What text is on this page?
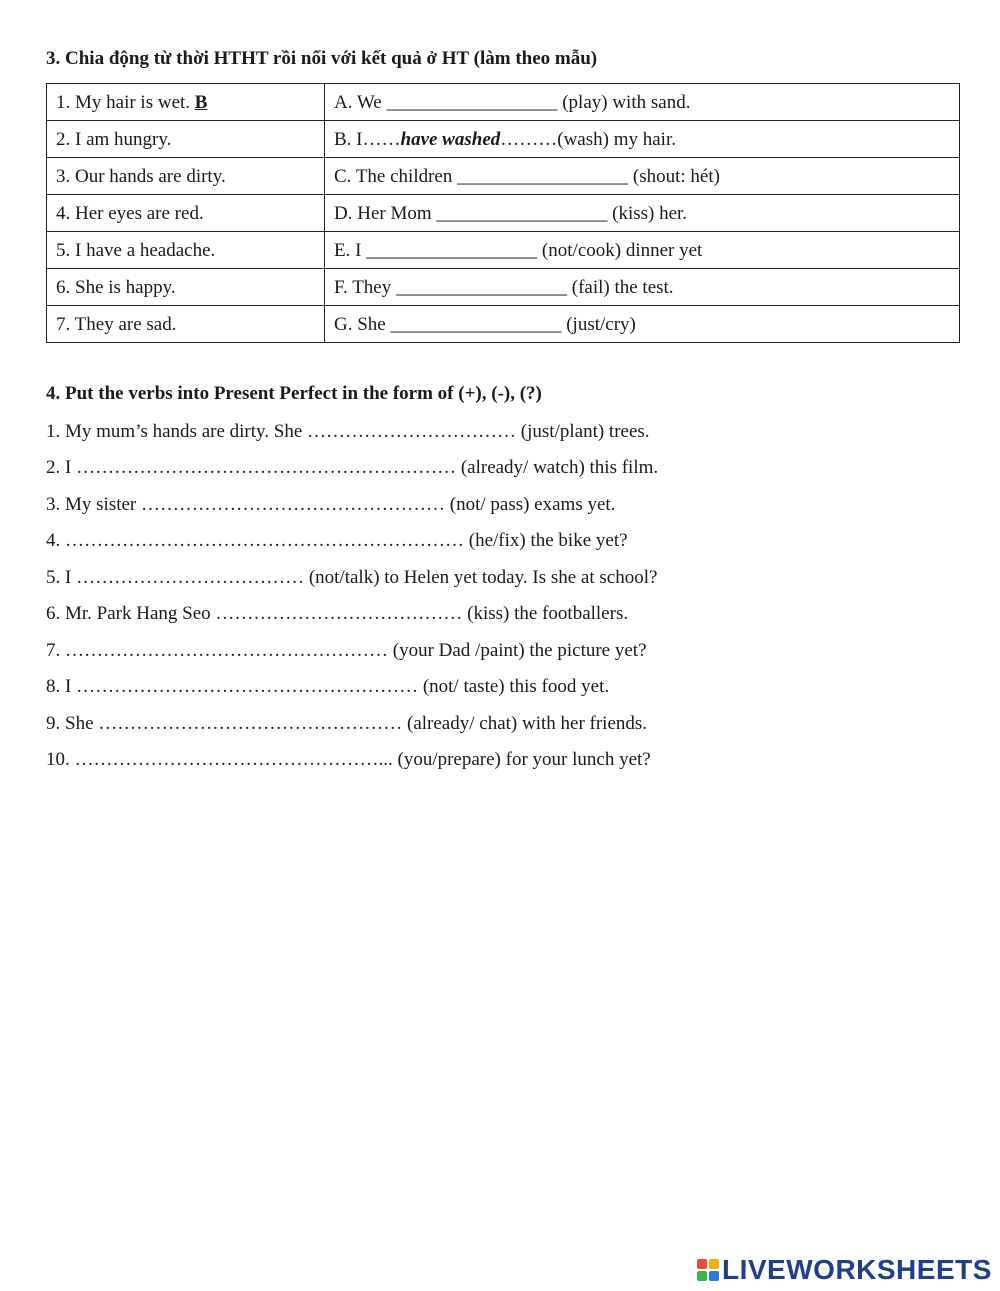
3. Chia động từ thời HTHT rồi nối với kết quả ở HT (làm theo mẫu)
1. My hair is wet. B	A. We __________________ (play) with sand.
2. I am hungry.	B. I……have washed………(wash) my hair.
3. Our hands are dirty.	C. The children __________________ (shout: hét)
4. Her eyes are red.	D. Her Mom __________________ (kiss) her.
5. I have a headache.	E. I __________________ (not/cook) dinner yet
6. She is happy.	F. They __________________ (fail) the test.
7. They are sad.	G. She __________________ (just/cry)
4. Put the verbs into Present Perfect in the form of (+), (-), (?)
1. My mum’s hands are dirty. She …………………………… (just/plant) trees.
2. I …………………………………………………… (already/ watch) this film.
3. My sister ………………………………………… (not/ pass) exams yet.
4. ……………………………………………………… (he/fix) the bike yet?
5. I ……………………………… (not/talk) to Helen yet today. Is she at school?
6. Mr. Park Hang Seo ………………………………… (kiss) the footballers.
7. …………………………………………… (your Dad /paint) the picture yet?
8. I ……………………………………………… (not/ taste) this food yet.
9. She ………………………………………… (already/ chat) with her friends.
10. …………………………………………... (you/prepare) for your lunch yet?
LIVEWORKSHEETS
